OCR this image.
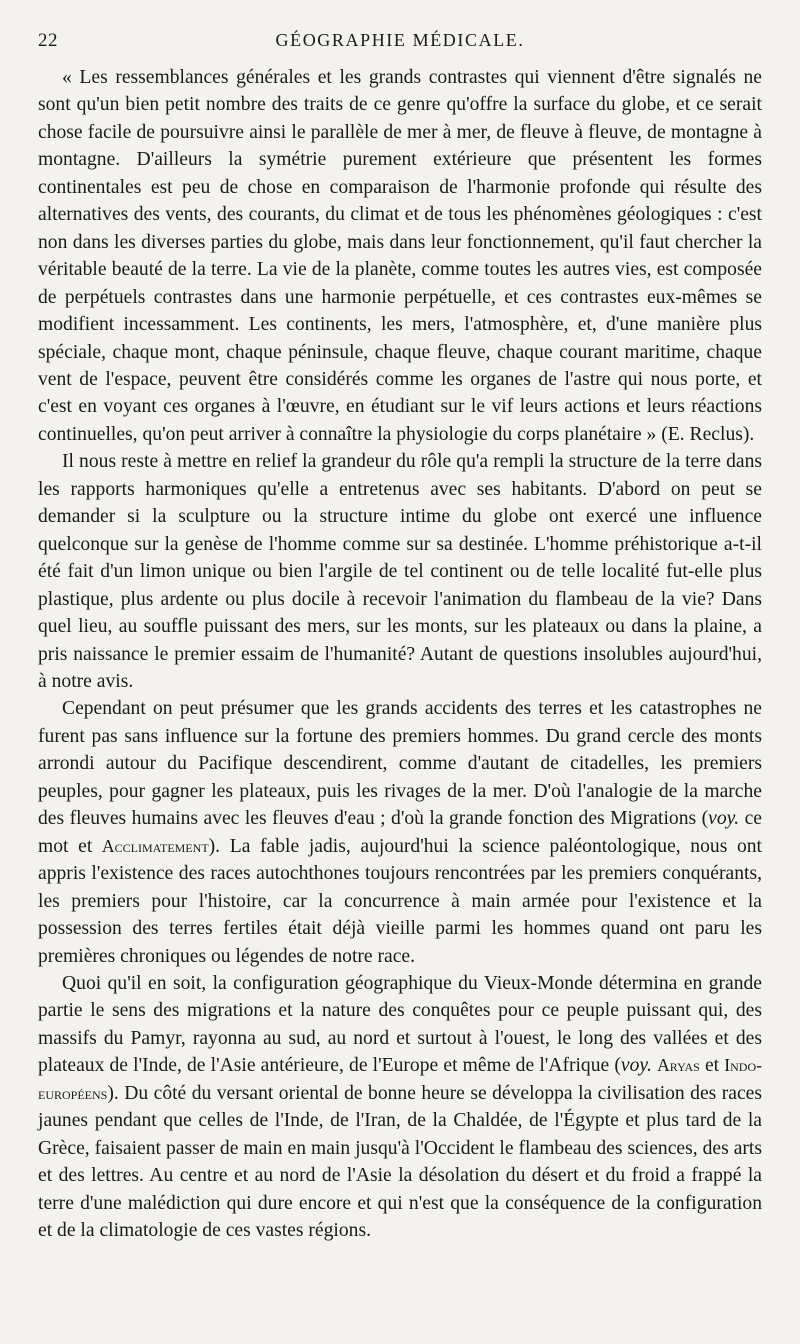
22	GÉOGRAPHIE MÉDICALE.

« Les ressemblances générales et les grands contrastes qui viennent d'être signalés ne sont qu'un bien petit nombre des traits de ce genre qu'offre la surface du globe, et ce serait chose facile de poursuivre ainsi le parallèle de mer à mer, de fleuve à fleuve, de montagne à montagne. D'ailleurs la symétrie purement extérieure que présentent les formes continentales est peu de chose en comparaison de l'harmonie profonde qui résulte des alternatives des vents, des courants, du climat et de tous les phénomènes géologiques : c'est non dans les diverses parties du globe, mais dans leur fonctionnement, qu'il faut chercher la véritable beauté de la terre. La vie de la planète, comme toutes les autres vies, est composée de perpétuels contrastes dans une harmonie perpétuelle, et ces contrastes eux-mêmes se modifient incessamment. Les continents, les mers, l'atmosphère, et, d'une manière plus spéciale, chaque mont, chaque péninsule, chaque fleuve, chaque courant maritime, chaque vent de l'espace, peuvent être considérés comme les organes de l'astre qui nous porte, et c'est en voyant ces organes à l'œuvre, en étudiant sur le vif leurs actions et leurs réactions continuelles, qu'on peut arriver à connaître la physiologie du corps planétaire » (E. Reclus).

Il nous reste à mettre en relief la grandeur du rôle qu'a rempli la structure de la terre dans les rapports harmoniques qu'elle a entretenus avec ses habitants. D'abord on peut se demander si la sculpture ou la structure intime du globe ont exercé une influence quelconque sur la genèse de l'homme comme sur sa destinée. L'homme préhistorique a-t-il été fait d'un limon unique ou bien l'argile de tel continent ou de telle localité fut-elle plus plastique, plus ardente ou plus docile à recevoir l'animation du flambeau de la vie? Dans quel lieu, au souffle puissant des mers, sur les monts, sur les plateaux ou dans la plaine, a pris naissance le premier essaim de l'humanité? Autant de questions insolubles aujourd'hui, à notre avis.

Cependant on peut présumer que les grands accidents des terres et les catastrophes ne furent pas sans influence sur la fortune des premiers hommes. Du grand cercle des monts arrondi autour du Pacifique descendirent, comme d'autant de citadelles, les premiers peuples, pour gagner les plateaux, puis les rivages de la mer. D'où l'analogie de la marche des fleuves humains avec les fleuves d'eau ; d'où la grande fonction des Migrations (voy. ce mot et Acclimatement). La fable jadis, aujourd'hui la science paléontologique, nous ont appris l'existence des races autochthones toujours rencontrées par les premiers conquérants, les premiers pour l'histoire, car la concurrence à main armée pour l'existence et la possession des terres fertiles était déjà vieille parmi les hommes quand ont paru les premières chroniques ou légendes de notre race.

Quoi qu'il en soit, la configuration géographique du Vieux-Monde détermina en grande partie le sens des migrations et la nature des conquêtes pour ce peuple puissant qui, des massifs du Pamyr, rayonna au sud, au nord et surtout à l'ouest, le long des vallées et des plateaux de l'Inde, de l'Asie antérieure, de l'Europe et même de l'Afrique (voy. Aryas et Indo-européens). Du côté du versant oriental de bonne heure se développa la civilisation des races jaunes pendant que celles de l'Inde, de l'Iran, de la Chaldée, de l'Égypte et plus tard de la Grèce, faisaient passer de main en main jusqu'à l'Occident le flambeau des sciences, des arts et des lettres. Au centre et au nord de l'Asie la désolation du désert et du froid a frappé la terre d'une malédiction qui dure encore et qui n'est que la conséquence de la configuration et de la climatologie de ces vastes régions.
